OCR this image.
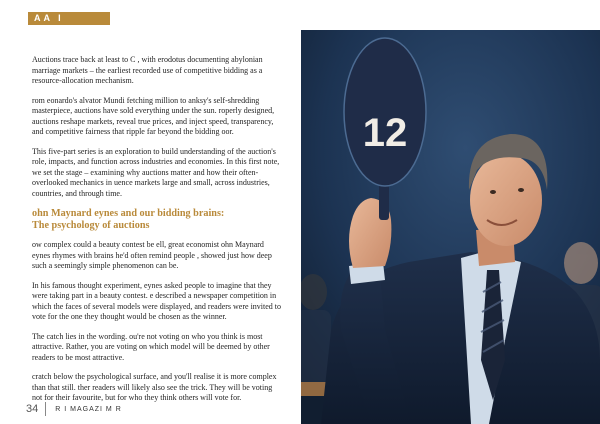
AA I

Auctions trace back at least to C , with erodotus documenting abylonian marriage markets – the earliest recorded use of competitive bidding as a resource-allocation mechanism.

rom eonardo's alvator Mundi fetching million to anksy's self-shredding masterpiece, auctions have sold everything under the sun. roperly designed, auctions reshape markets, reveal true prices, and inject speed, transparency, and competitive fairness that ripple far beyond the bidding oor.

This five-part series is an exploration to build understanding of the auction's role, impacts, and function across industries and economies. In this first note, we set the stage – examining why auctions matter and how their often-overlooked mechanics in uence markets large and small, across industries, countries, and through time.

ohn Maynard eynes and our bidding brains:
The psychology of auctions

ow complex could a beauty contest be ell, great economist ohn Maynard eynes rhymes with brains he'd often remind people , showed just how deep such a seemingly simple phenomenon can be.

In his famous thought experiment, eynes asked people to imagine that they were taking part in a beauty contest. e described a newspaper competition in which the faces of several models were displayed, and readers were invited to vote for the one they thought would be chosen as the winner.

The catch lies in the wording. ou're not voting on who you think is most attractive. Rather, you are voting on which model will be deemed by other readers to be most attractive.

cratch below the psychological surface, and you'll realise it is more complex than that still. ther readers will likely also see the trick. They will be voting not for their favourite, but for who they think others will vote for.

34 R I MAGAZI M R
12
